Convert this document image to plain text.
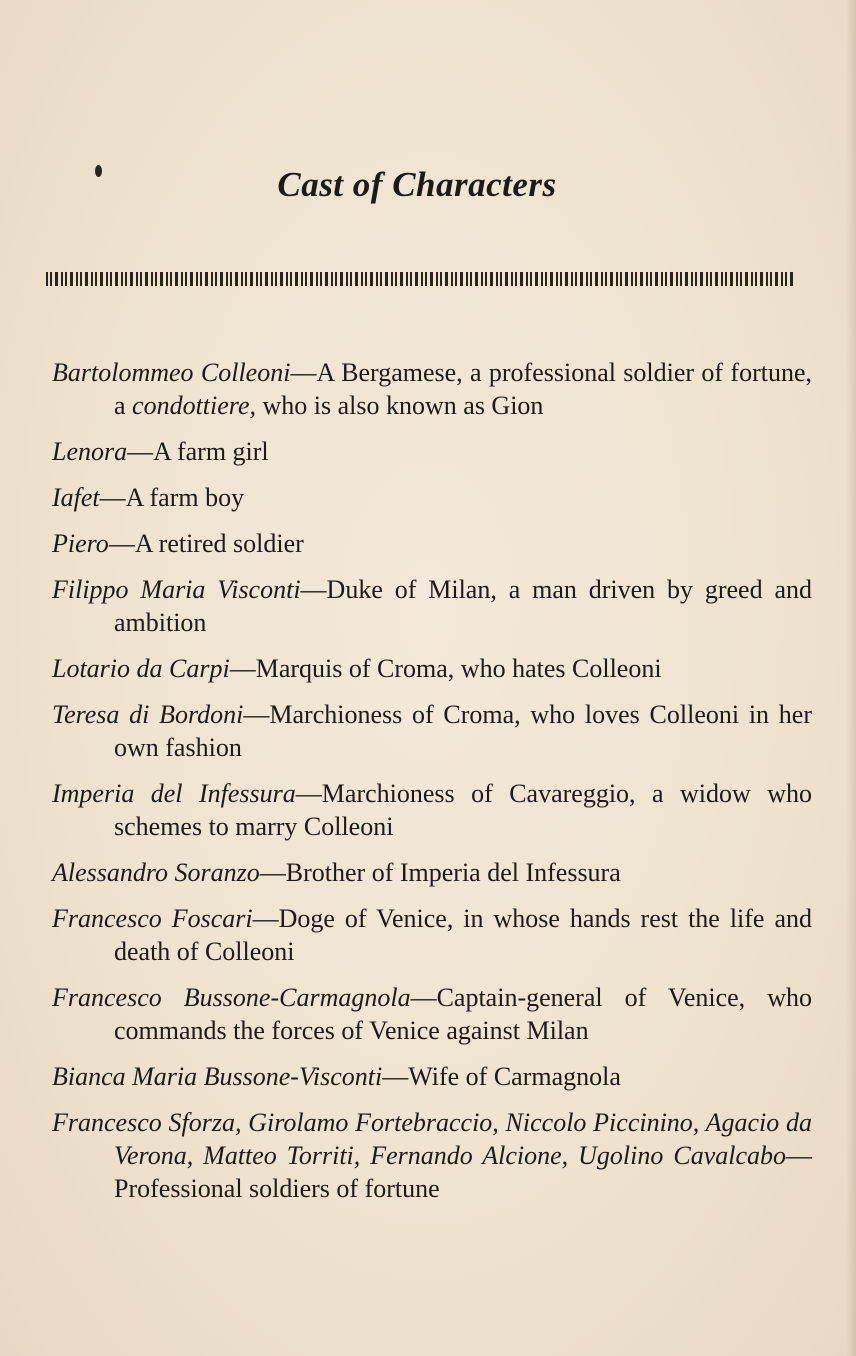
Cast of Characters
Bartolommeo Colleoni—A Bergamese, a professional soldier of fortune, a condottiere, who is also known as Gion
Lenora—A farm girl
Iafet—A farm boy
Piero—A retired soldier
Filippo Maria Visconti—Duke of Milan, a man driven by greed and ambition
Lotario da Carpi—Marquis of Croma, who hates Colleoni
Teresa di Bordoni—Marchioness of Croma, who loves Colleoni in her own fashion
Imperia del Infessura—Marchioness of Cavareggio, a widow who schemes to marry Colleoni
Alessandro Soranzo—Brother of Imperia del Infessura
Francesco Foscari—Doge of Venice, in whose hands rest the life and death of Colleoni
Francesco Bussone-Carmagnola—Captain-general of Venice, who commands the forces of Venice against Milan
Bianca Maria Bussone-Visconti—Wife of Carmagnola
Francesco Sforza, Girolamo Fortebraccio, Niccolo Piccinino, Agacio da Verona, Matteo Torriti, Fernando Alcione, Ugolino Cavalcabo—Professional soldiers of fortune
